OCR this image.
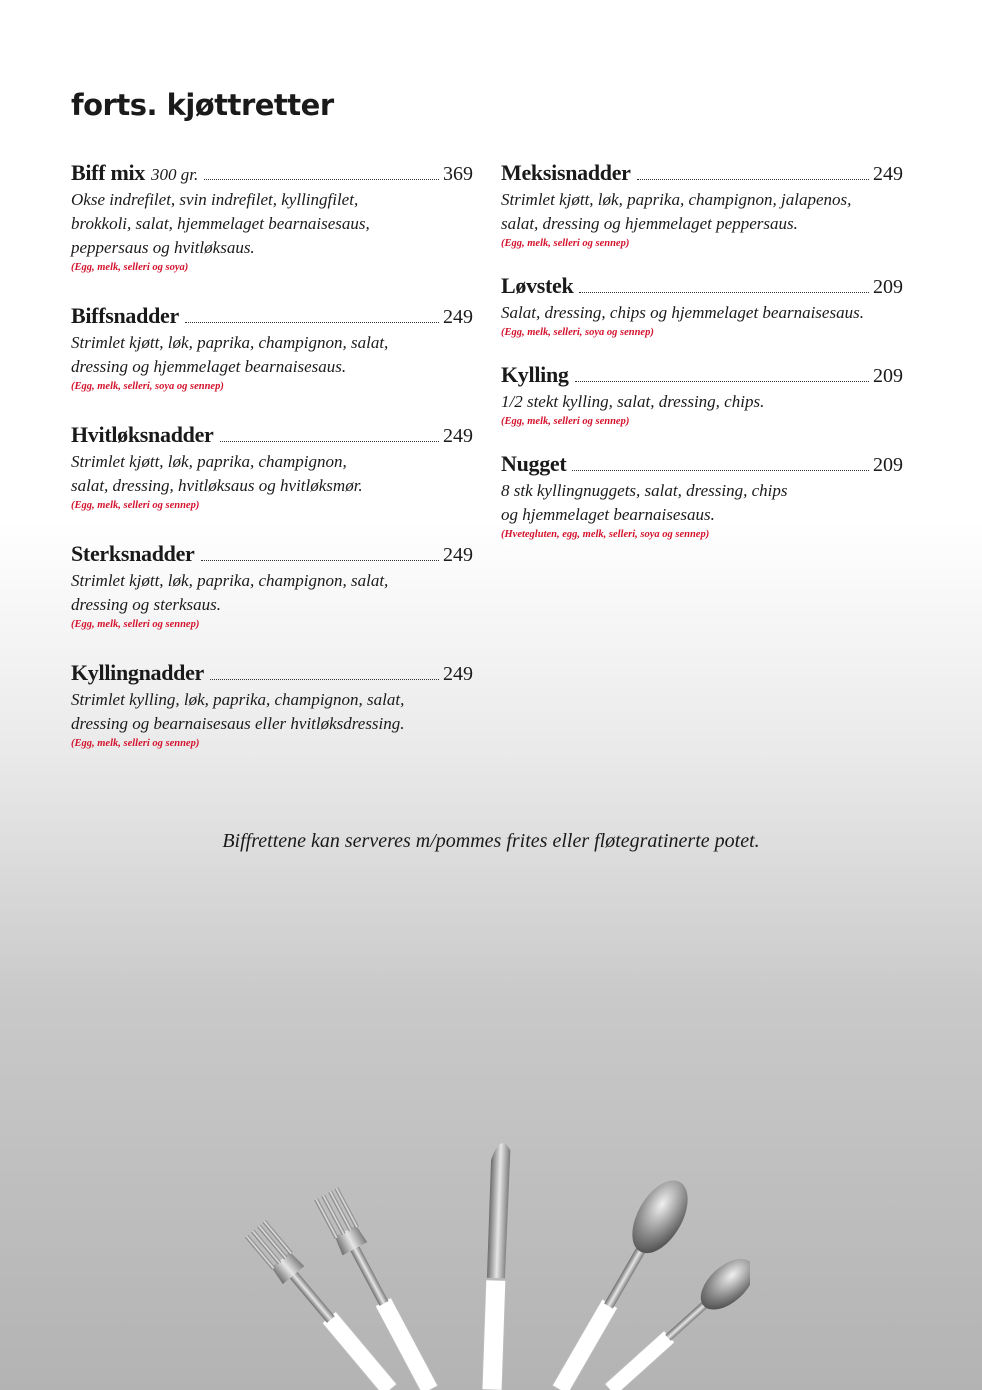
forts. kjøttretter
Biff mix 300 gr.	369
Okse indrefilet, svin indrefilet, kyllingfilet,
brokkoli, salat, hjemmelaget bearnaisesaus,
peppersaus og hvitløksaus.
(Egg, melk, selleri og soya)
Biffsnadder	249
Strimlet kjøtt, løk, paprika, champignon, salat,
dressing og hjemmelaget bearnaisesaus.
(Egg, melk, selleri, soya og sennep)
Hvitløksnadder	249
Strimlet kjøtt, løk, paprika, champignon,
salat, dressing, hvitløksaus og hvitløksmør.
(Egg, melk, selleri og sennep)
Sterksnadder	249
Strimlet kjøtt, løk, paprika, champignon, salat,
dressing og sterksaus.
(Egg, melk, selleri og sennep)
Kyllingnadder	249
Strimlet kylling, løk, paprika, champignon, salat,
dressing og bearnaisesaus eller hvitløksdressing.
(Egg, melk, selleri og sennep)
Meksisnadder	249
Strimlet kjøtt, løk, paprika, champignon, jalapenos,
salat, dressing og hjemmelaget peppersaus.
(Egg, melk, selleri og sennep)
Løvstek	209
Salat, dressing, chips og hjemmelaget bearnaisesaus.
(Egg, melk, selleri, soya og sennep)
Kylling	209
1/2 stekt kylling, salat, dressing, chips.
(Egg, melk, selleri og sennep)
Nugget	209
8 stk kyllingnuggets, salat, dressing, chips
og hjemmelaget bearnaisesaus.
(Hvetegluten, egg, melk, selleri, soya og sennep)

Biffrettene kan serveres m/pommes frites eller fløtegratinerte potet.
